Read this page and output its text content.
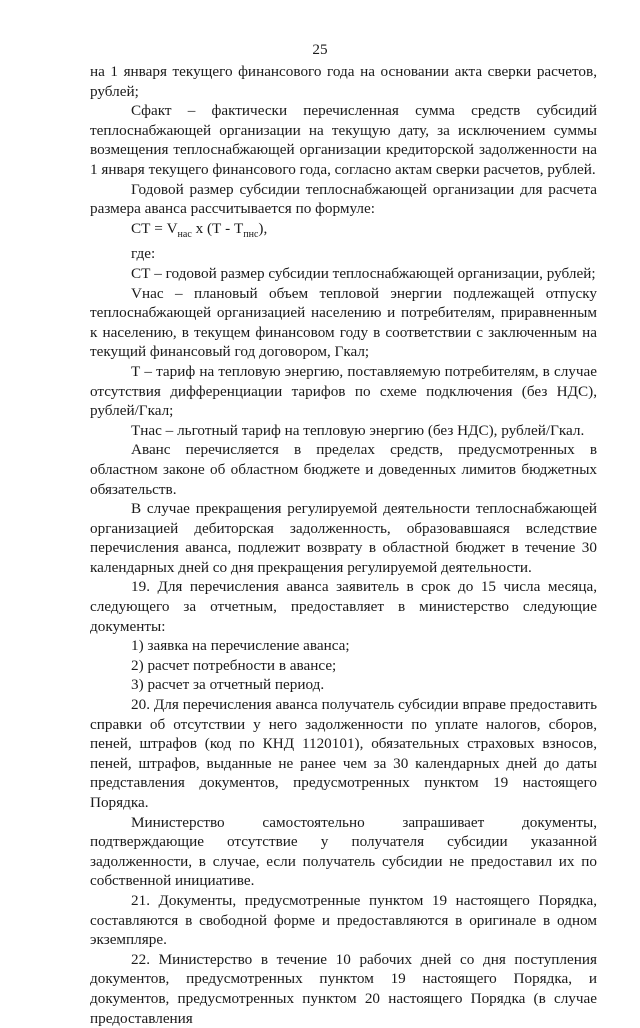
25

на 1 января текущего финансового года на основании акта сверки расчетов, рублей;

Сфакт – фактически перечисленная сумма средств субсидий теплоснабжающей организации на текущую дату, за исключением суммы возмещения теплоснабжающей организации кредиторской задолженности на 1 января текущего финансового года, согласно актам сверки расчетов, рублей.

Годовой размер субсидии теплоснабжающей организации для расчета размера аванса рассчитывается по формуле:

СТ = $V_{нас}$ х $(Т - Т_{пнс})$,

где:

СТ – годовой размер субсидии теплоснабжающей организации, рублей;

Vнас – плановый объем тепловой энергии подлежащей отпуску теплоснабжающей организацией населению и потребителям, приравненным к населению, в текущем финансовом году в соответствии с заключенным на текущий финансовый год договором, Гкал;

Т – тариф на тепловую энергию, поставляемую потребителям, в случае отсутствия дифференциации тарифов по схеме подключения (без НДС), рублей/Гкал;

Тнас – льготный тариф на тепловую энергию (без НДС), рублей/Гкал.

Аванс перечисляется в пределах средств, предусмотренных в областном законе об областном бюджете и доведенных лимитов бюджетных обязательств.

В случае прекращения регулируемой деятельности теплоснабжающей организацией дебиторская задолженность, образовавшаяся вследствие перечисления аванса, подлежит возврату в областной бюджет в течение 30 календарных дней со дня прекращения регулируемой деятельности.

19. Для перечисления аванса заявитель в срок до 15 числа месяца, следующего за отчетным, предоставляет в министерство следующие документы:

1) заявка на перечисление аванса;

2) расчет потребности в авансе;

3) расчет за отчетный период.

20. Для перечисления аванса получатель субсидии вправе предоставить справки об отсутствии у него задолженности по уплате налогов, сборов, пеней, штрафов (код по КНД 1120101), обязательных страховых взносов, пеней, штрафов, выданные не ранее чем за 30 календарных дней до даты представления документов, предусмотренных пунктом 19 настоящего Порядка.

Министерство самостоятельно запрашивает документы, подтверждающие отсутствие у получателя субсидии указанной задолженности, в случае, если получатель субсидии не предоставил их по собственной инициативе.

21. Документы, предусмотренные пунктом 19 настоящего Порядка, составляются в свободной форме и предоставляются в оригинале в одном экземпляре.

22. Министерство в течение 10 рабочих дней со дня поступления документов, предусмотренных пунктом 19 настоящего Порядка, и документов, предусмотренных пунктом 20 настоящего Порядка (в случае предоставления
